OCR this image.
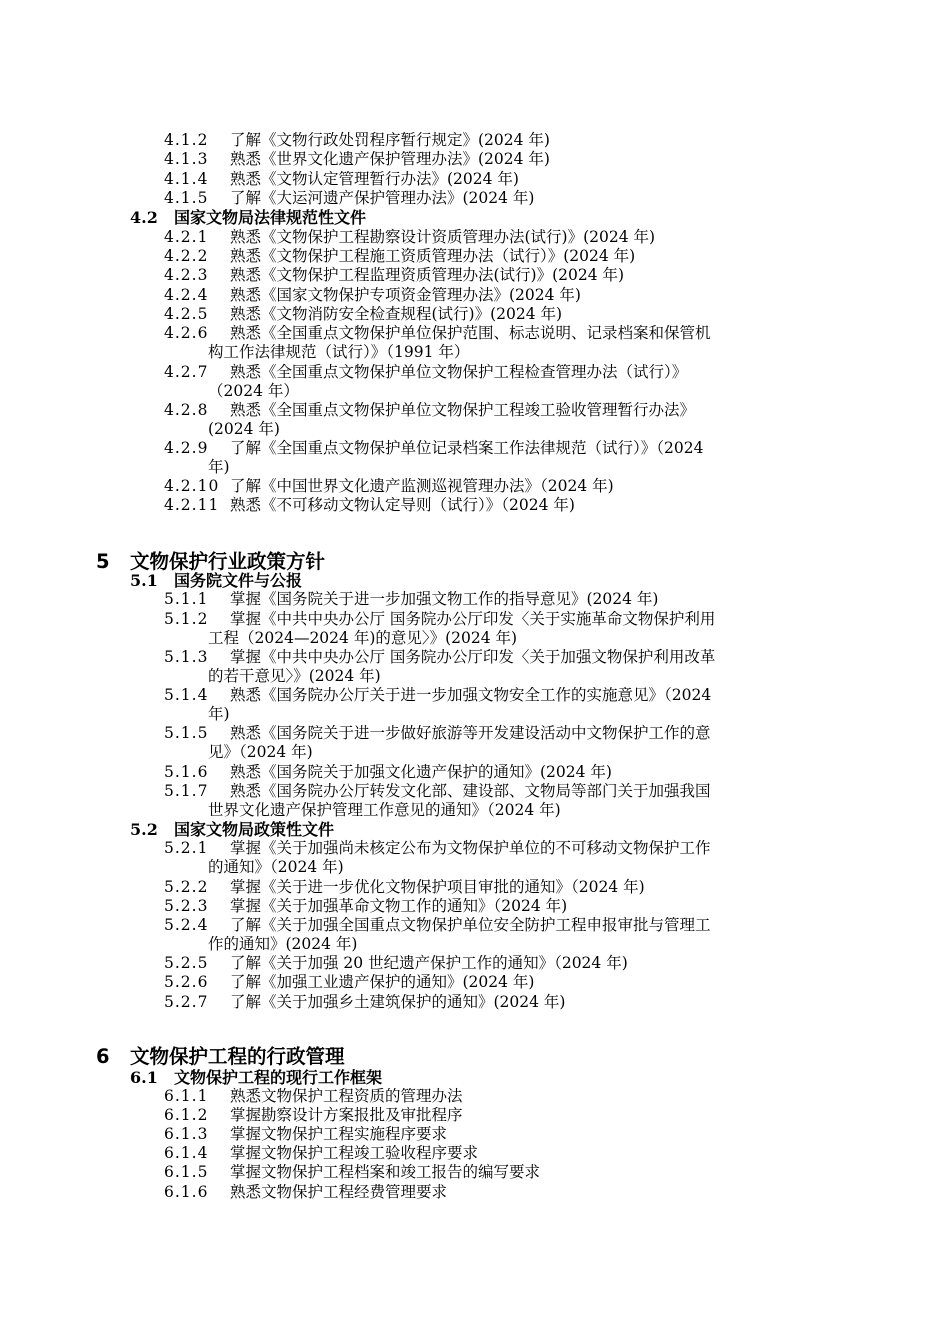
4.1.2 了解《文物行政处罚程序暂行规定》(2024 年)
4.1.3 熟悉《世界文化遗产保护管理办法》(2024 年)
4.1.4 熟悉《文物认定管理暂行办法》(2024 年)
4.1.5 了解《大运河遗产保护管理办法》(2024 年)
4.2 国家文物局法律规范性文件
4.2.1 熟悉《文物保护工程勘察设计资质管理办法(试行)》(2024 年)
4.2.2 熟悉《文物保护工程施工资质管理办法（试行）》(2024 年)
4.2.3 熟悉《文物保护工程监理资质管理办法(试行)》(2024 年)
4.2.4 熟悉《国家文物保护专项资金管理办法》(2024 年)
4.2.5 熟悉《文物消防安全检查规程(试行)》(2024 年)
4.2.6 熟悉《全国重点文物保护单位保护范围、标志说明、记录档案和保管机
构工作法律规范（试行）》（1991 年）
4.2.7 熟悉《全国重点文物保护单位文物保护工程检查管理办法（试行）》
（2024 年）
4.2.8 熟悉《全国重点文物保护单位文物保护工程竣工验收管理暂行办法》
(2024 年)
4.2.9 了解《全国重点文物保护单位记录档案工作法律规范（试行）》（2024
年)
4.2.10 了解《中国世界文化遗产监测巡视管理办法》（2024 年)
4.2.11 熟悉《不可移动文物认定导则（试行）》（2024 年)
5 文物保护行业政策方针
5.1 国务院文件与公报
5.1.1 掌握《国务院关于进一步加强文物工作的指导意见》(2024 年)
5.1.2 掌握《中共中央办公厅 国务院办公厅印发〈关于实施革命文物保护利用
工程（2024—2024 年)的意见〉》(2024 年)
5.1.3 掌握《中共中央办公厅 国务院办公厅印发〈关于加强文物保护利用改革
的若干意见〉》(2024 年)
5.1.4 熟悉《国务院办公厅关于进一步加强文物安全工作的实施意见》（2024
年)
5.1.5 熟悉《国务院关于进一步做好旅游等开发建设活动中文物保护工作的意
见》（2024 年)
5.1.6 熟悉《国务院关于加强文化遗产保护的通知》(2024 年)
5.1.7 熟悉《国务院办公厅转发文化部、建设部、文物局等部门关于加强我国
世界文化遗产保护管理工作意见的通知》（2024 年)
5.2 国家文物局政策性文件
5.2.1 掌握《关于加强尚未核定公布为文物保护单位的不可移动文物保护工作
的通知》（2024 年)
5.2.2 掌握《关于进一步优化文物保护项目审批的通知》（2024 年)
5.2.3 掌握《关于加强革命文物工作的通知》（2024 年)
5.2.4 了解《关于加强全国重点文物保护单位安全防护工程申报审批与管理工
作的通知》(2024 年)
5.2.5 了解《关于加强 20 世纪遗产保护工作的通知》（2024 年)
5.2.6 了解《加强工业遗产保护的通知》(2024 年)
5.2.7 了解《关于加强乡土建筑保护的通知》(2024 年)
6 文物保护工程的行政管理
6.1 文物保护工程的现行工作框架
6.1.1 熟悉文物保护工程资质的管理办法
6.1.2 掌握勘察设计方案报批及审批程序
6.1.3 掌握文物保护工程实施程序要求
6.1.4 掌握文物保护工程竣工验收程序要求
6.1.5 掌握文物保护工程档案和竣工报告的编写要求
6.1.6 熟悉文物保护工程经费管理要求
